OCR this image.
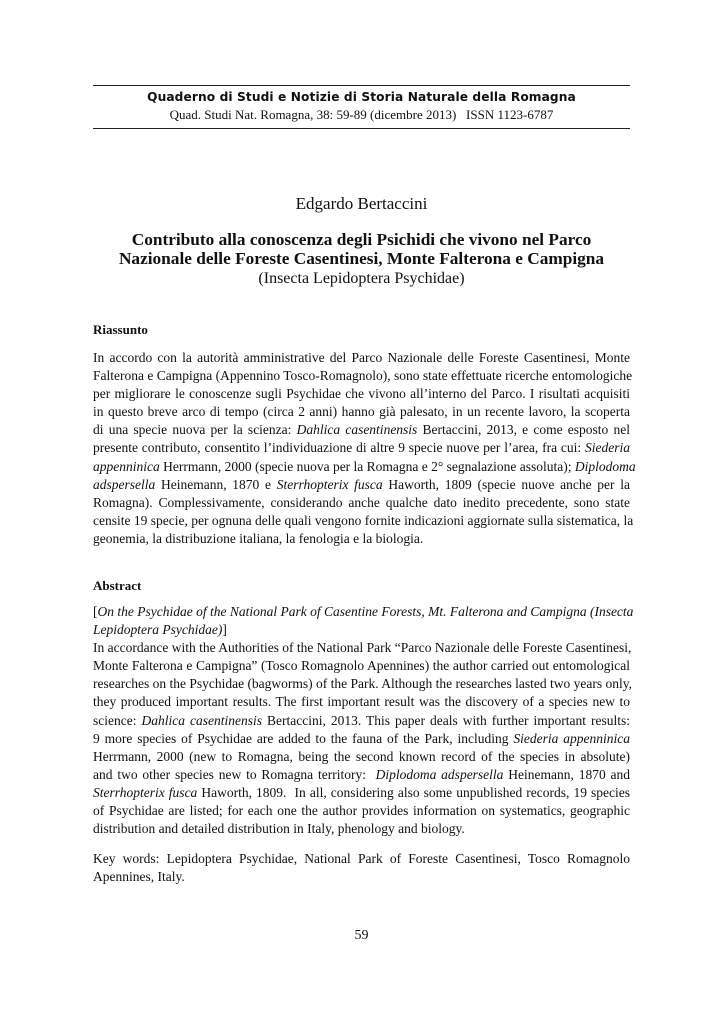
Quaderno di Studi e Notizie di Storia Naturale della Romagna
Quad. Studi Nat. Romagna, 38: 59-89 (dicembre 2013)   ISSN 1123-6787
Edgardo Bertaccini
Contributo alla conoscenza degli Psichidi che vivono nel Parco
Nazionale delle Foreste Casentinesi, Monte Falterona e Campigna
(Insecta Lepidoptera Psychidae)
Riassunto
In accordo con la autorità amministrative del Parco Nazionale delle Foreste Casentinesi, Monte
Falterona e Campigna (Appennino Tosco-Romagnolo), sono state effettuate ricerche entomologiche
per migliorare le conoscenze sugli Psychidae che vivono all’interno del Parco. I risultati acquisiti
in questo breve arco di tempo (circa 2 anni) hanno già palesato, in un recente lavoro, la scoperta
di una specie nuova per la scienza: Dahlica casentinensis Bertaccini, 2013, e come esposto nel
presente contributo, consentito l’individuazione di altre 9 specie nuove per l’area, fra cui: Siederia
appenninica Herrmann, 2000 (specie nuova per la Romagna e 2° segnalazione assoluta); Diplodoma
adspersella Heinemann, 1870 e Sterrhopterix fusca Haworth, 1809 (specie nuove anche per la
Romagna). Complessivamente, considerando anche qualche dato inedito precedente, sono state
censite 19 specie, per ognuna delle quali vengono fornite indicazioni aggiornate sulla sistematica, la
geonemia, la distribuzione italiana, la fenologia e la biologia.
Abstract
[On the Psychidae of the National Park of Casentine Forests, Mt. Falterona and Campigna (Insecta
Lepidoptera Psychidae)]
In accordance with the Authorities of the National Park “Parco Nazionale delle Foreste Casentinesi,
Monte Falterona e Campigna” (Tosco Romagnolo Apennines) the author carried out entomological
researches on the Psychidae (bagworms) of the Park. Although the researches lasted two years only,
they produced important results. The first important result was the discovery of a species new to
science: Dahlica casentinensis Bertaccini, 2013. This paper deals with further important results:
9 more species of Psychidae are added to the fauna of the Park, including Siederia appenninica
Herrmann, 2000 (new to Romagna, being the second known record of the species in absolute)
and two other species new to Romagna territory:  Diplodoma adspersella Heinemann, 1870 and
Sterrhopterix fusca Haworth, 1809.  In all, considering also some unpublished records, 19 species
of Psychidae are listed; for each one the author provides information on systematics, geographic
distribution and detailed distribution in Italy, phenology and biology.
Key words: Lepidoptera Psychidae, National Park of Foreste Casentinesi, Tosco Romagnolo
Apennines, Italy.
59
